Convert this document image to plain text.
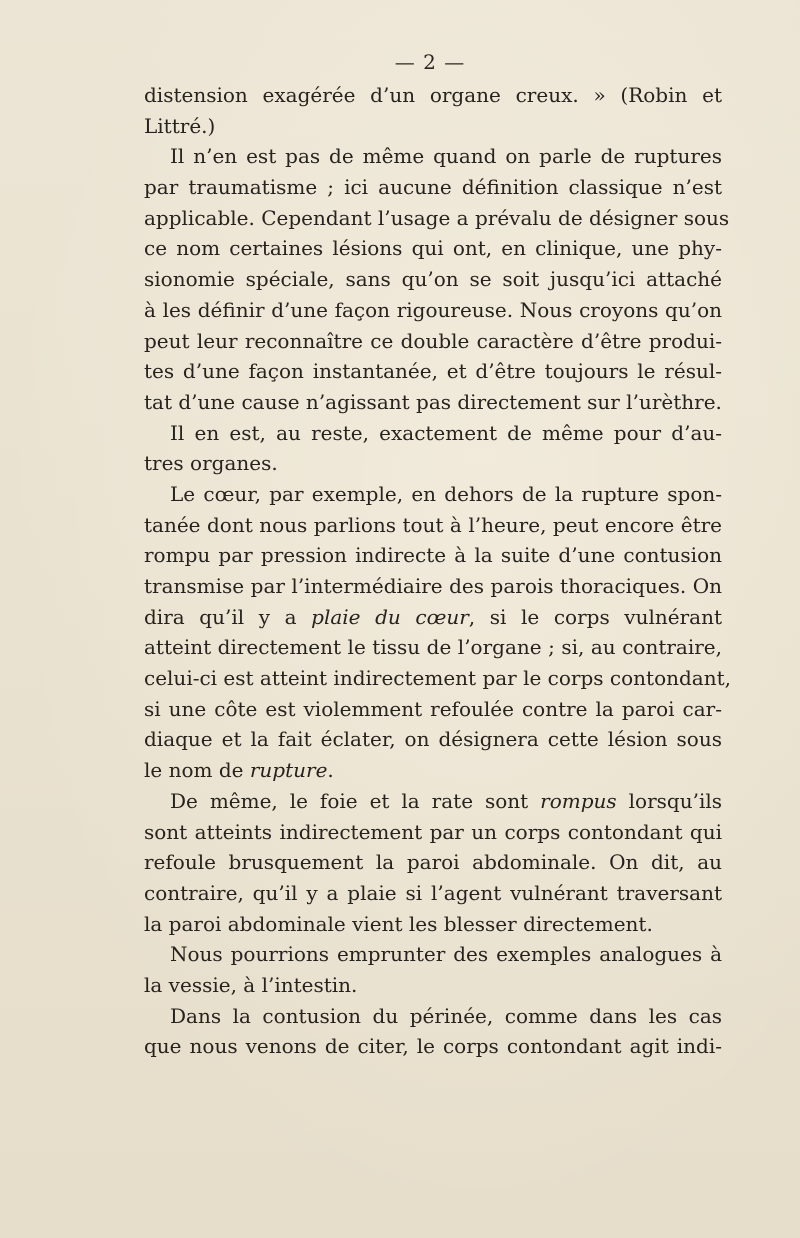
— 2 —
distension exagérée d’un organe creux. » (Robin et
Littré.)
Il n’en est pas de même quand on parle de ruptures
par traumatisme ; ici aucune définition classique n’est
applicable. Cependant l’usage a prévalu de désigner sous
ce nom certaines lésions qui ont, en clinique, une phy-
sionomie spéciale, sans qu’on se soit jusqu’ici attaché
à les définir d’une façon rigoureuse. Nous croyons qu’on
peut leur reconnaître ce double caractère d’être produi-
tes d’une façon instantanée, et d’être toujours le résul-
tat d’une cause n’agissant pas directement sur l’urèthre.
Il en est, au reste, exactement de même pour d’au-
tres organes.
Le cœur, par exemple, en dehors de la rupture spon-
tanée dont nous parlions tout à l’heure, peut encore être
rompu par pression indirecte à la suite d’une contusion
transmise par l’intermédiaire des parois thoraciques. On
dira qu’il y a plaie du cœur, si le corps vulnérant
atteint directement le tissu de l’organe ; si, au contraire,
celui-ci est atteint indirectement par le corps contondant,
si une côte est violemment refoulée contre la paroi car-
diaque et la fait éclater, on désignera cette lésion sous
le nom de rupture.
De même, le foie et la rate sont rompus lorsqu’ils
sont atteints indirectement par un corps contondant qui
refoule brusquement la paroi abdominale. On dit, au
contraire, qu’il y a plaie si l’agent vulnérant traversant
la paroi abdominale vient les blesser directement.
Nous pourrions emprunter des exemples analogues à
la vessie, à l’intestin.
Dans la contusion du périnée, comme dans les cas
que nous venons de citer, le corps contondant agit indi-
